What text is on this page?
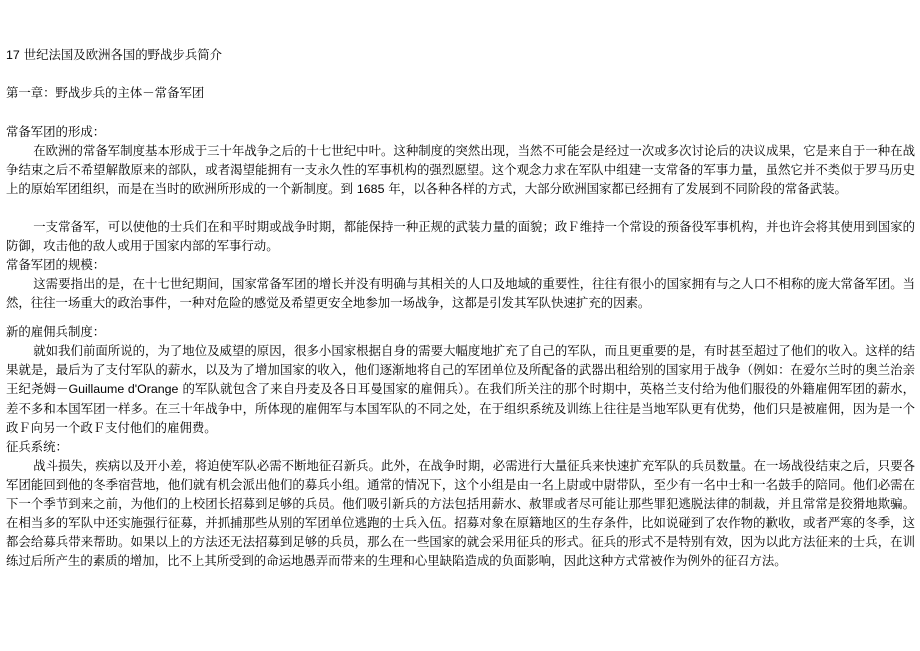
17 世纪法国及欧洲各国的野战步兵简介
第一章：野战步兵的主体－常备军团
常备军团的形成：

在欧洲的常备军制度基本形成于三十年战争之后的十七世纪中叶。这种制度的突然出现，当然不可能会是经过一次或多次讨论后的决议成果，它是来自于一种在战争结束之后不希望解散原来的部队，或者渴望能拥有一支永久性的军事机构的强烈愿望。这个观念力求在军队中组建一支常备的军事力量，虽然它并不类似于罗马历史上的原始军团组织，而是在当时的欧洲所形成的一个新制度。到 1685 年，以各种各样的方式，大部分欧洲国家都已经拥有了发展到不同阶段的常备武装。

一支常备军，可以使他的士兵们在和平时期或战争时期，都能保持一种正规的武装力量的面貌；政Ｆ维持一个常设的预备役军事机构，并也许会将其使用到国家的防御，攻击他的敌人或用于国家内部的军事行动。

常备军团的规模：

这需要指出的是，在十七世纪期间，国家常备军团的增长并没有明确与其相关的人口及地域的重要性，往往有很小的国家拥有与之人口不相称的庞大常备军团。当然，往往一场重大的政治事件，一种对危险的感觉及希望更安全地参加一场战争，这都是引发其军队快速扩充的因素。

新的雇佣兵制度：

就如我们前面所说的，为了地位及威望的原因，很多小国家根据自身的需要大幅度地扩充了自己的军队，而且更重要的是，有时甚至超过了他们的收入。这样的结果就是，最后为了支付军队的薪水，以及为了增加国家的收入，他们逐渐地将自己的军团单位及所配备的武器出租给别的国家用于战争（例如：在爱尔兰时的奥兰治亲王纪尧姆－Guillaume d'Orange 的军队就包含了来自丹麦及各日耳曼国家的雇佣兵）。在我们所关注的那个时期中，英格兰支付给为他们服役的外籍雇佣军团的薪水，差不多和本国军团一样多。在三十年战争中，所体现的雇佣军与本国军队的不同之处，在于组织系统及训练上往往是当地军队更有优势，他们只是被雇佣，因为是一个政Ｆ向另一个政Ｆ支付他们的雇佣费。

征兵系统：

战斗损失，疾病以及开小差，将迫使军队必需不断地征召新兵。此外，在战争时期，必需进行大量征兵来快速扩充军队的兵员数量。在一场战役结束之后，只要各军团能回到他的冬季宿营地，他们就有机会派出他们的募兵小组。通常的情况下，这个小组是由一名上尉或中尉带队，至少有一名中士和一名鼓手的陪同。他们必需在下一个季节到来之前，为他们的上校团长招募到足够的兵员。他们吸引新兵的方法包括用薪水、赦罪或者尽可能让那些罪犯逃脱法律的制裁，并且常常是狡猾地欺骗。在相当多的军队中还实施强行征募，并抓捕那些从别的军团单位逃跑的士兵入伍。招募对象在原籍地区的生存条件，比如说碰到了农作物的歉收，或者严寒的冬季，这都会给募兵带来帮助。如果以上的方法还无法招募到足够的兵员，那么在一些国家的就会采用征兵的形式。征兵的形式不是特别有效，因为以此方法征来的士兵，在训练过后所产生的素质的增加，比不上其所受到的命运地愚弄而带来的生理和心里缺陷造成的负面影响，因此这种方式常被作为例外的征召方法。
